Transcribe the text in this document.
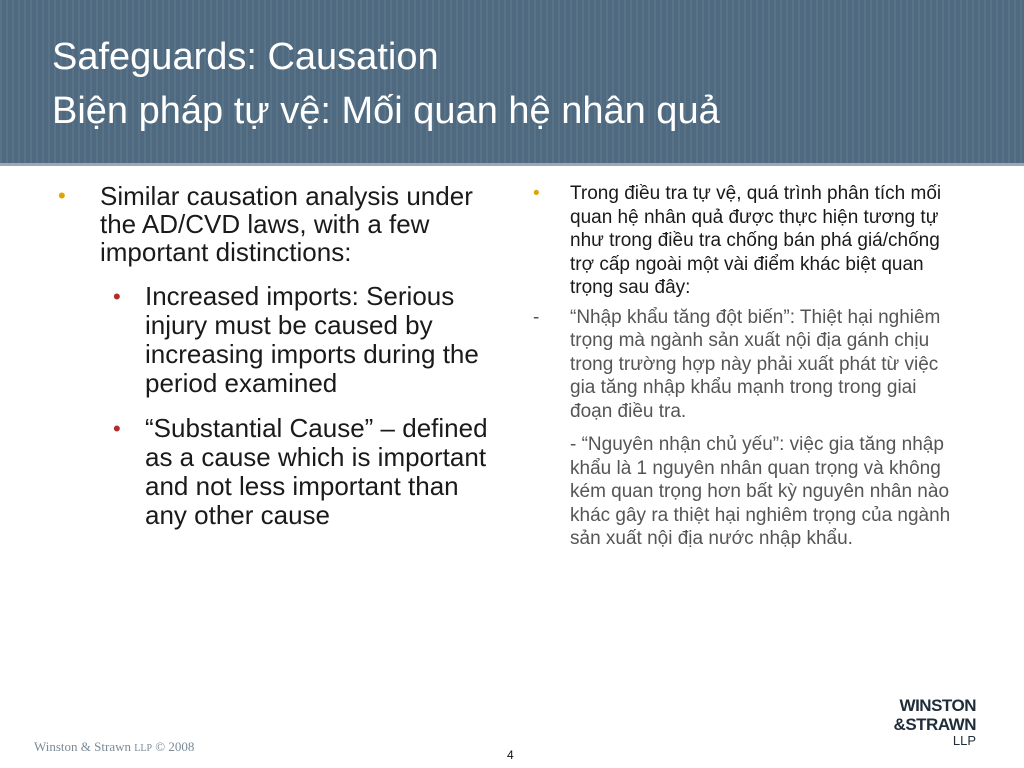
Safeguards: Causation
Biện pháp tự vệ: Mối quan hệ nhân quả
• Similar causation analysis under the AD/CVD laws, with a few important distinctions:
• Increased imports: Serious injury must be caused by increasing imports during the period examined
• “Substantial Cause” – defined as a cause which is important and not less important than any other cause
• Trong điều tra tự vệ, quá trình phân tích mối quan hệ nhân quả được thực hiện tương tự như trong điều tra chống bán phá giá/chống trợ cấp ngoài một vài điểm khác biệt quan trọng sau đây:
- “Nhập khẩu tăng đột biến”: Thiệt hại nghiêm trọng mà ngành sản xuất nội địa gánh chịu trong trường hợp này phải xuất phát từ việc gia tăng nhập khẩu mạnh trong trong giai đoạn điều tra.
- “Nguyên nhận chủ yếu”: việc gia tăng nhập khẩu là 1 nguyên nhân quan trọng và không kém quan trọng hơn bất kỳ nguyên nhân nào khác gây ra thiệt hại nghiêm trọng của ngành sản xuất nội địa nước nhập khẩu.
Winston & Strawn LLP © 2008
4
WINSTON
&STRAWN
LLP
